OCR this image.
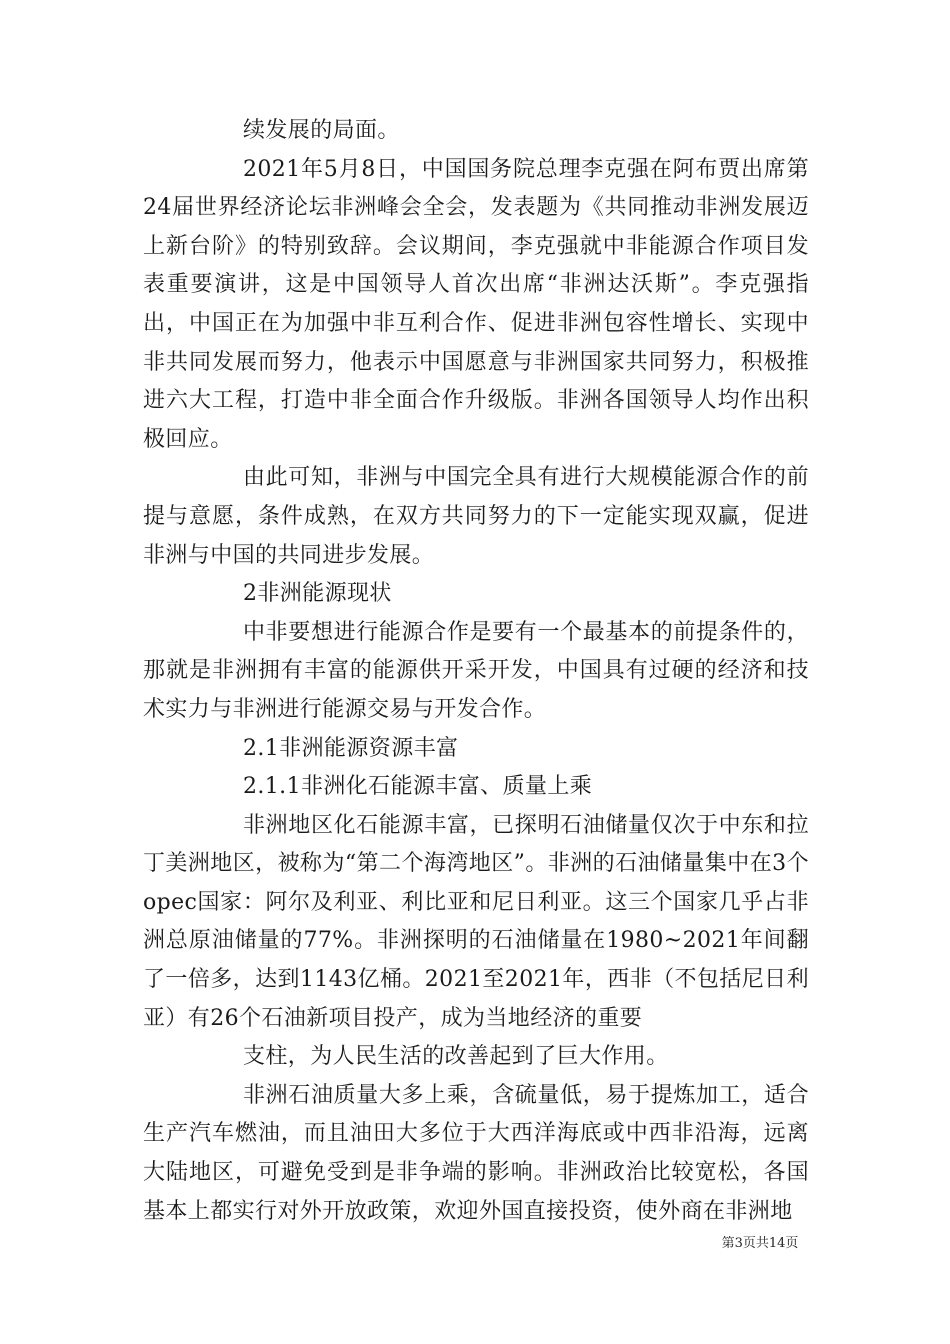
续发展的局面。

2021年5月8日，中国国务院总理李克强在阿布贾出席第24届世界经济论坛非洲峰会全会，发表题为《共同推动非洲发展迈上新台阶》的特别致辞。会议期间，李克强就中非能源合作项目发表重要演讲，这是中国领导人首次出席“非洲达沃斯”。李克强指出，中国正在为加强中非互利合作、促进非洲包容性增长、实现中非共同发展而努力，他表示中国愿意与非洲国家共同努力，积极推进六大工程，打造中非全面合作升级版。非洲各国领导人均作出积极回应。

由此可知，非洲与中国完全具有进行大规模能源合作的前提与意愿，条件成熟，在双方共同努力的下一定能实现双赢，促进非洲与中国的共同进步发展。

2非洲能源现状

中非要想进行能源合作是要有一个最基本的前提条件的，那就是非洲拥有丰富的能源供开采开发，中国具有过硬的经济和技术实力与非洲进行能源交易与开发合作。

2.1非洲能源资源丰富

2.1.1非洲化石能源丰富、质量上乘

非洲地区化石能源丰富，已探明石油储量仅次于中东和拉丁美洲地区，被称为“第二个海湾地区”。非洲的石油储量集中在3个opec国家：阿尔及利亚、利比亚和尼日利亚。这三个国家几乎占非洲总原油储量的77%。非洲探明的石油储量在1980~2021年间翻了一倍多，达到1143亿桶。2021至2021年，西非（不包括尼日利亚）有26个石油新项目投产，成为当地经济的重要

支柱，为人民生活的改善起到了巨大作用。

非洲石油质量大多上乘，含硫量低，易于提炼加工，适合生产汽车燃油，而且油田大多位于大西洋海底或中西非沿海，远离大陆地区，可避免受到是非争端的影响。非洲政治比较宽松，各国基本上都实行对外开放政策，欢迎外国直接投资，使外商在非洲地

第3页共14页
